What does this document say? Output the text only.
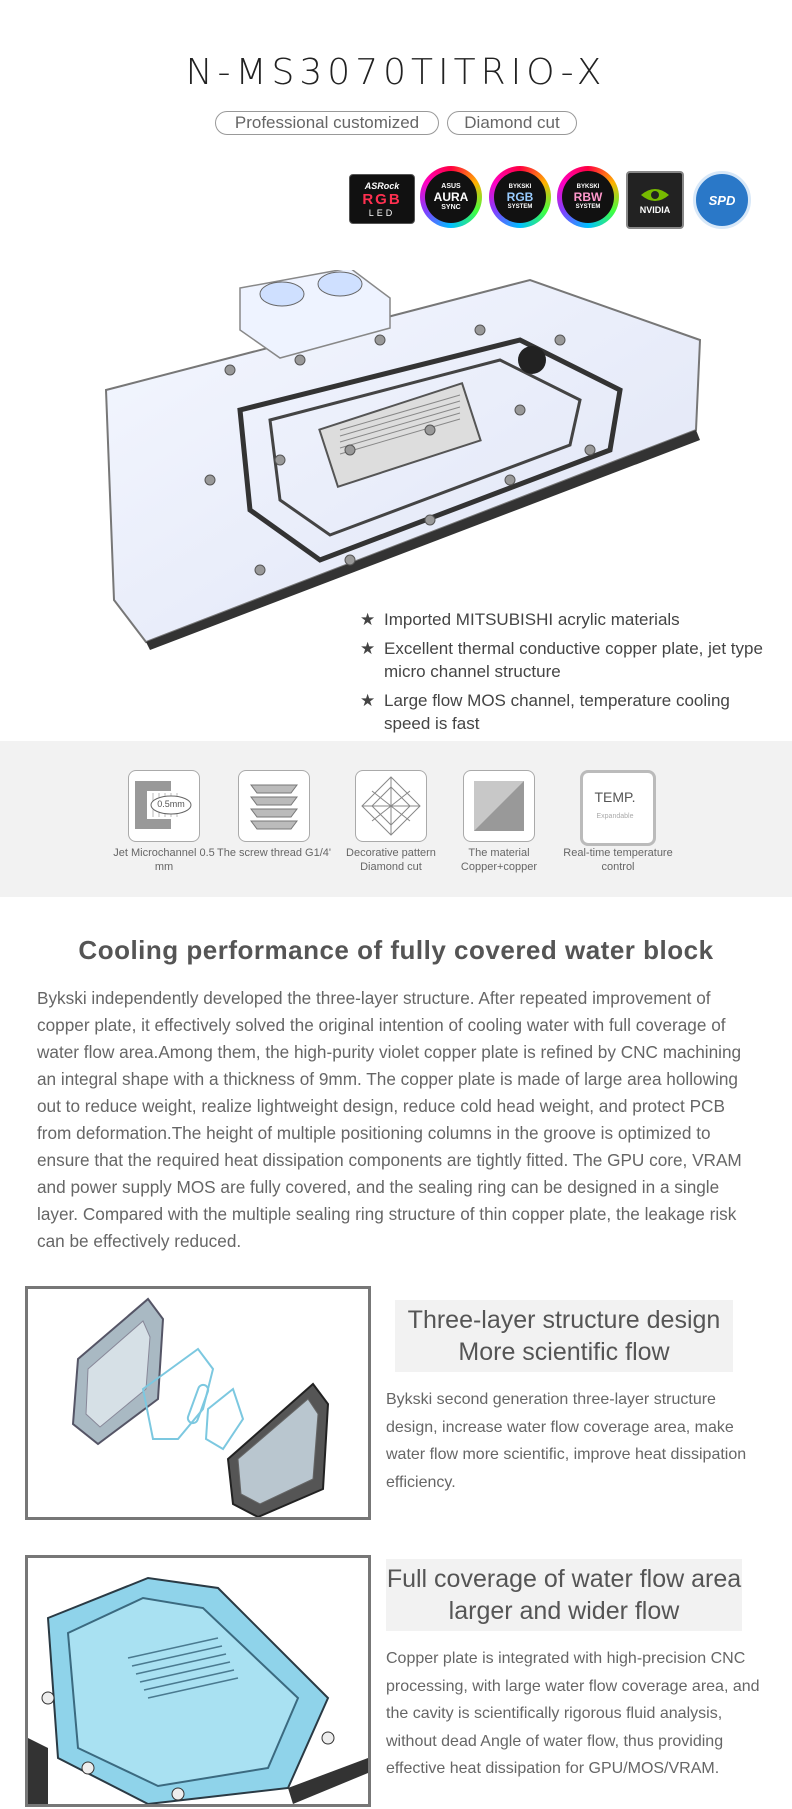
N-MS3070TITRIO-X
Professional customized	Diamond cut
ASRock
RGB
LED
ASUS
AURA
SYNC
BYKSKI
RGB
SYSTEM
BYKSKI
RBW
SYSTEM	NVIDIA
SPD
★ Imported MITSUBISHI acrylic materials
★ Excellent thermal conductive copper plate, jet type micro channel structure
★ Large flow MOS channel, temperature cooling speed is fast
0.5mm	TEMP.
Expandable
Jet Microchannel 0.5 mm
The screw thread G1/4'	Decorative pattern Diamond cut
The material Copper+copper
Real-time temperature control
Cooling performance of fully covered water block
Bykski independently developed the three-layer structure. After repeated improvement of copper plate, it effectively solved the original intention of cooling water with full coverage of water flow area.Among them, the high-purity violet copper plate is refined by CNC machining an integral shape with a thickness of 9mm. The copper plate is made of large area hollowing out to reduce weight, realize lightweight design, reduce cold head weight, and protect PCB from deformation.The height of multiple positioning columns in the groove is optimized to ensure that the required heat dissipation components are tightly fitted. The GPU core, VRAM and power supply MOS are fully covered, and the sealing ring can be designed in a single layer. Compared with the multiple sealing ring structure of thin copper plate, the leakage risk can be effectively reduced.
Three-layer structure design
More scientific flow
Bykski second generation three-layer structure design, increase water flow coverage area, make water flow more scientific, improve heat dissipation efficiency.
Full coverage of water flow area
larger and wider flow
Copper plate is integrated with high-precision CNC processing, with large water flow coverage area, and the cavity is scientifically rigorous fluid analysis, without dead Angle of water flow, thus providing effective heat dissipation for GPU/MOS/VRAM.
